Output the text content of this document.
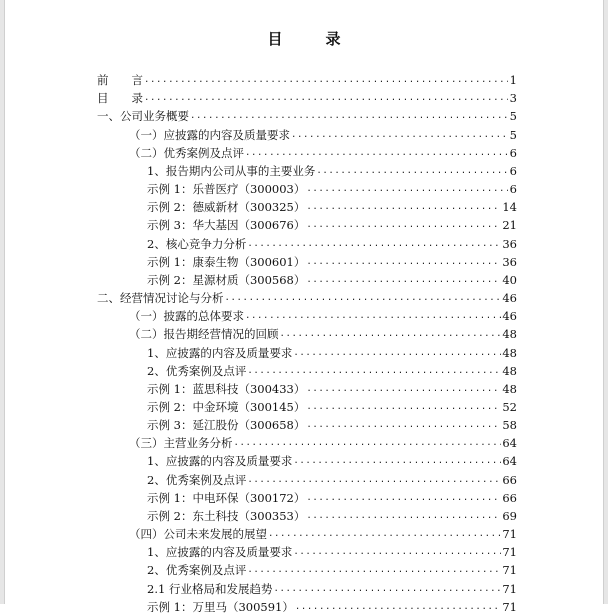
目　录
前　　言 .....	1
目　　录 .....	3
一、公司业务概要 .....	5
（一）应披露的内容及质量要求 .....	5
（二）优秀案例及点评 .....	6
1、报告期内公司从事的主要业务 .....	6
示例 1：乐普医疗（300003） .....	6
示例 2：德威新材（300325） .....	14
示例 3：华大基因（300676） .....	21
2、核心竞争力分析 .....	36
示例 1：康泰生物（300601） .....	36
示例 2：星源材质（300568） .....	40
二、经营情况讨论与分析 .....	46
（一）披露的总体要求 .....	46
（二）报告期经营情况的回顾 .....	48
1、应披露的内容及质量要求 .....	48
2、优秀案例及点评 .....	48
示例 1：蓝思科技（300433） .....	48
示例 2：中金环境（300145） .....	52
示例 3：延江股份（300658） .....	58
（三）主营业务分析 .....	64
1、应披露的内容及质量要求 .....	64
2、优秀案例及点评 .....	66
示例 1：中电环保（300172） .....	66
示例 2：东土科技（300353） .....	69
（四）公司未来发展的展望 .....	71
1、应披露的内容及质量要求 .....	71
2、优秀案例及点评 .....	71
2.1 行业格局和发展趋势 .....	71
示例 1：万里马（300591） .....	71
